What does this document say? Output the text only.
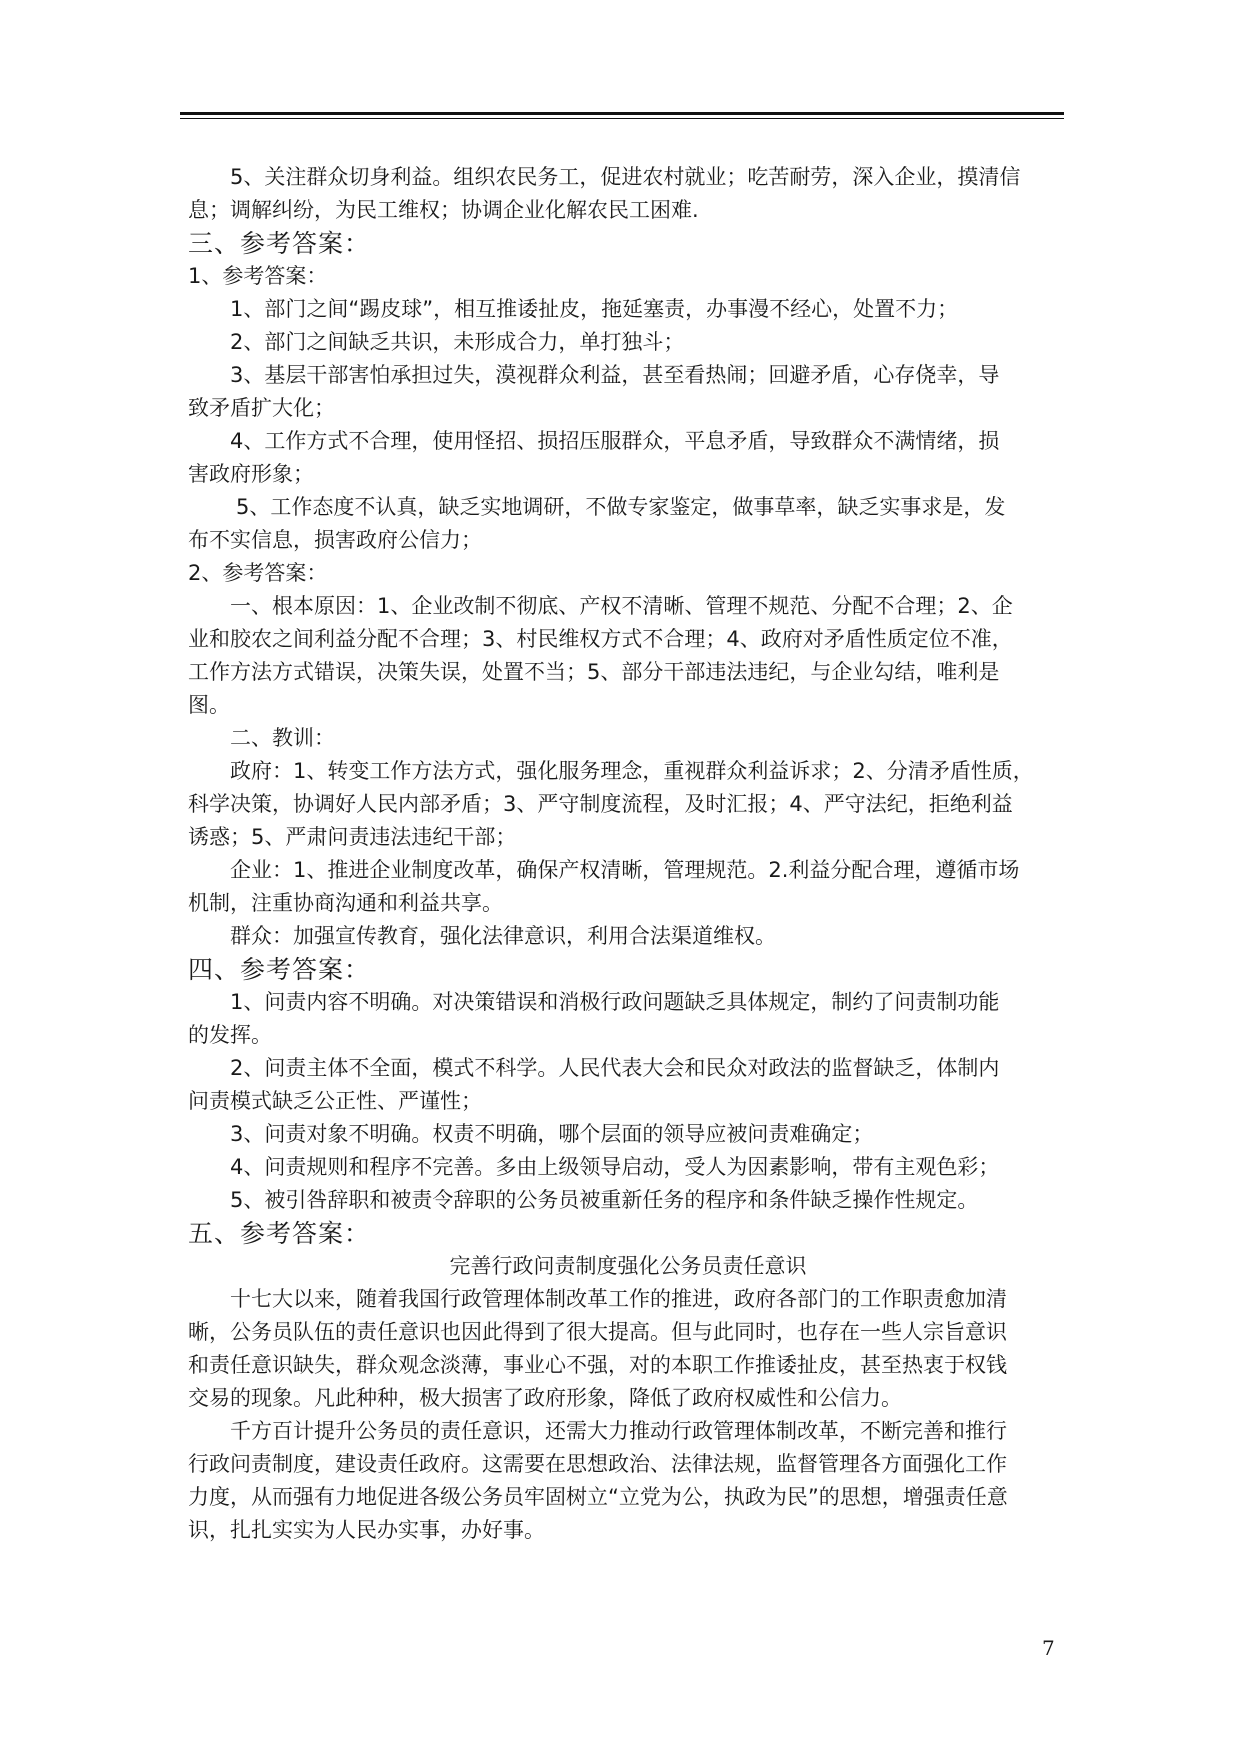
5、关注群众切身利益。组织农民务工，促进农村就业；吃苦耐劳，深入企业，摸清信
息；调解纠纷，为民工维权；协调企业化解农民工困难.
三、参考答案：
1、参考答案：
1、部门之间“踢皮球”，相互推诿扯皮，拖延塞责，办事漫不经心，处置不力；
2、部门之间缺乏共识，未形成合力，单打独斗；
3、基层干部害怕承担过失，漠视群众利益，甚至看热闹；回避矛盾，心存侥幸，导
致矛盾扩大化；
4、工作方式不合理，使用怪招、损招压服群众，平息矛盾，导致群众不满情绪，损
害政府形象；
5、工作态度不认真，缺乏实地调研，不做专家鉴定，做事草率，缺乏实事求是，发
布不实信息，损害政府公信力；
2、参考答案：
一、根本原因：1、企业改制不彻底、产权不清晰、管理不规范、分配不合理；2、企
业和胶农之间利益分配不合理；3、村民维权方式不合理；4、政府对矛盾性质定位不准，
工作方法方式错误，决策失误，处置不当；5、部分干部违法违纪，与企业勾结，唯利是
图。
二、教训：
政府：1、转变工作方法方式，强化服务理念，重视群众利益诉求；2、分清矛盾性质，
科学决策，协调好人民内部矛盾；3、严守制度流程，及时汇报；4、严守法纪，拒绝利益
诱惑；5、严肃问责违法违纪干部；
企业：1、推进企业制度改革，确保产权清晰，管理规范。2.利益分配合理，遵循市场
机制，注重协商沟通和利益共享。
群众：加强宣传教育，强化法律意识，利用合法渠道维权。
四、参考答案：
1、问责内容不明确。对决策错误和消极行政问题缺乏具体规定，制约了问责制功能
的发挥。
2、问责主体不全面，模式不科学。人民代表大会和民众对政法的监督缺乏，体制内
问责模式缺乏公正性、严谨性；
3、问责对象不明确。权责不明确，哪个层面的领导应被问责难确定；
4、问责规则和程序不完善。多由上级领导启动，受人为因素影响，带有主观色彩；
5、被引咎辞职和被责令辞职的公务员被重新任务的程序和条件缺乏操作性规定。
五、参考答案：
完善行政问责制度强化公务员责任意识
十七大以来，随着我国行政管理体制改革工作的推进，政府各部门的工作职责愈加清
晰，公务员队伍的责任意识也因此得到了很大提高。但与此同时，也存在一些人宗旨意识
和责任意识缺失，群众观念淡薄，事业心不强，对的本职工作推诿扯皮，甚至热衷于权钱
交易的现象。凡此种种，极大损害了政府形象，降低了政府权威性和公信力。
千方百计提升公务员的责任意识，还需大力推动行政管理体制改革，不断完善和推行
行政问责制度，建设责任政府。这需要在思想政治、法律法规，监督管理各方面强化工作
力度，从而强有力地促进各级公务员牢固树立“立党为公，执政为民”的思想，增强责任意
识，扎扎实实为人民办实事，办好事。
7
